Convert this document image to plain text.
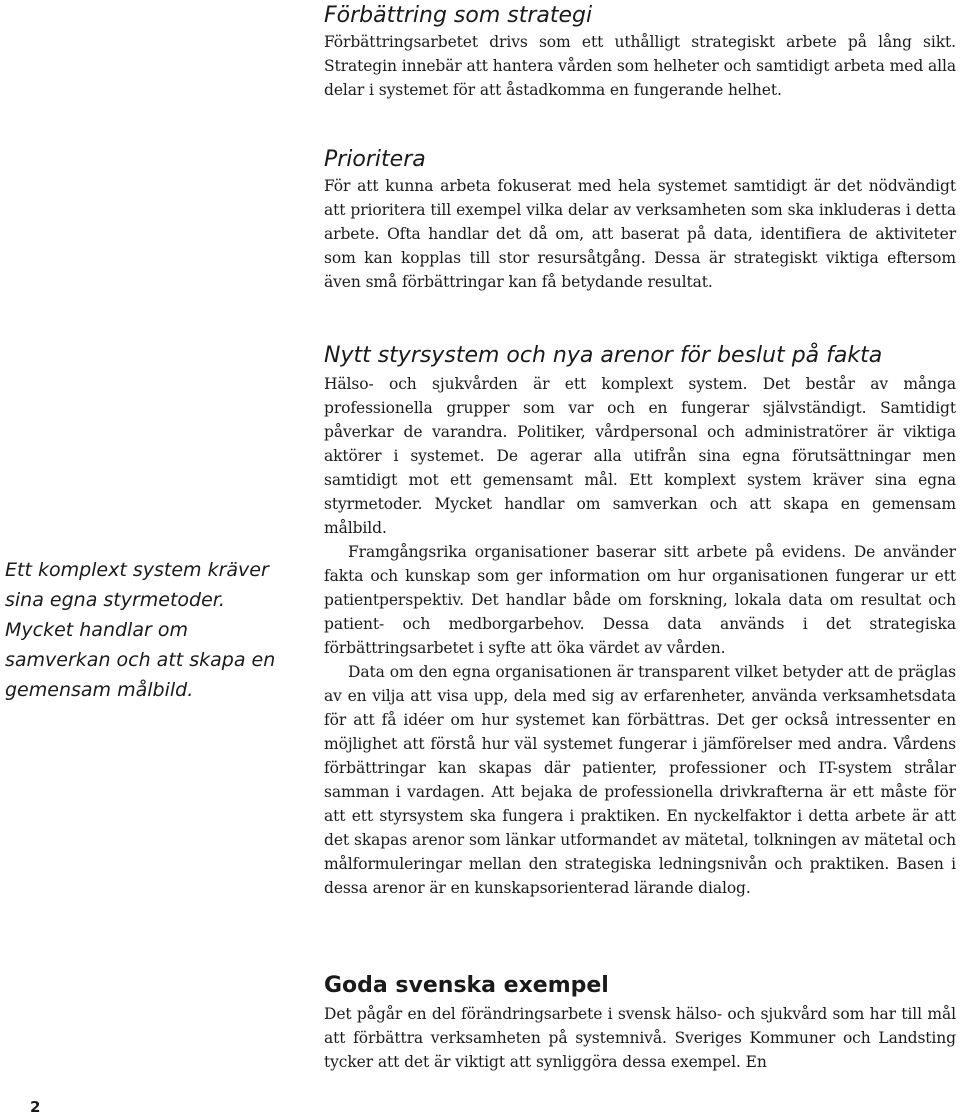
Förbättring som strategi

Förbättringsarbetet drivs som ett uthålligt strategiskt arbete på lång sikt. Strategin innebär att hantera vården som helheter och samtidigt arbeta med alla delar i systemet för att åstadkomma en fungerande helhet.

Prioritera

För att kunna arbeta fokuserat med hela systemet samtidigt är det nödvändigt att prioritera till exempel vilka delar av verksamheten som ska inkluderas i detta arbete. Ofta handlar det då om, att baserat på data, identifiera de aktiviteter som kan kopplas till stor resursåtgång. Dessa är strategiskt viktiga eftersom även små förbättringar kan få betydande resultat.

Nytt styrsystem och nya arenor för beslut på fakta

Hälso- och sjukvården är ett komplext system. Det består av många professionella grupper som var och en fungerar självständigt. Samtidigt påverkar de varandra. Politiker, vårdpersonal och administratörer är viktiga aktörer i systemet. De agerar alla utifrån sina egna förutsättningar men samtidigt mot ett gemensamt mål. Ett komplext system kräver sina egna styrmetoder. Mycket handlar om samverkan och att skapa en gemensam målbild.

Framgångsrika organisationer baserar sitt arbete på evidens. De använder fakta och kunskap som ger information om hur organisationen fungerar ur ett patientperspektiv. Det handlar både om forskning, lokala data om resultat och patient- och medborgarbehov. Dessa data används i det strategiska förbättringsarbetet i syfte att öka värdet av vården.

Data om den egna organisationen är transparent vilket betyder att de präglas av en vilja att visa upp, dela med sig av erfarenheter, använda verksamhetsdata för att få idéer om hur systemet kan förbättras. Det ger också intressenter en möjlighet att förstå hur väl systemet fungerar i jämförelser med andra. Vårdens förbättringar kan skapas där patienter, professioner och IT-system strålar samman i vardagen. Att bejaka de professionella drivkrafterna är ett måste för att ett styrsystem ska fungera i praktiken. En nyckelfaktor i detta arbete är att det skapas arenor som länkar utformandet av mätetal, tolkningen av mätetal och målformuleringar mellan den strategiska ledningsnivån och praktiken. Basen i dessa arenor är en kunskapsorienterad lärande dialog.

Goda svenska exempel

Det pågår en del förändringsarbete i svensk hälso- och sjukvård som har till mål att förbättra verksamheten på systemnivå. Sveriges Kommuner och Landsting tycker att det är viktigt att synliggöra dessa exempel. En

Ett komplext system kräver sina egna styrmetoder. Mycket handlar om samverkan och att skapa en gemensam målbild.

2
